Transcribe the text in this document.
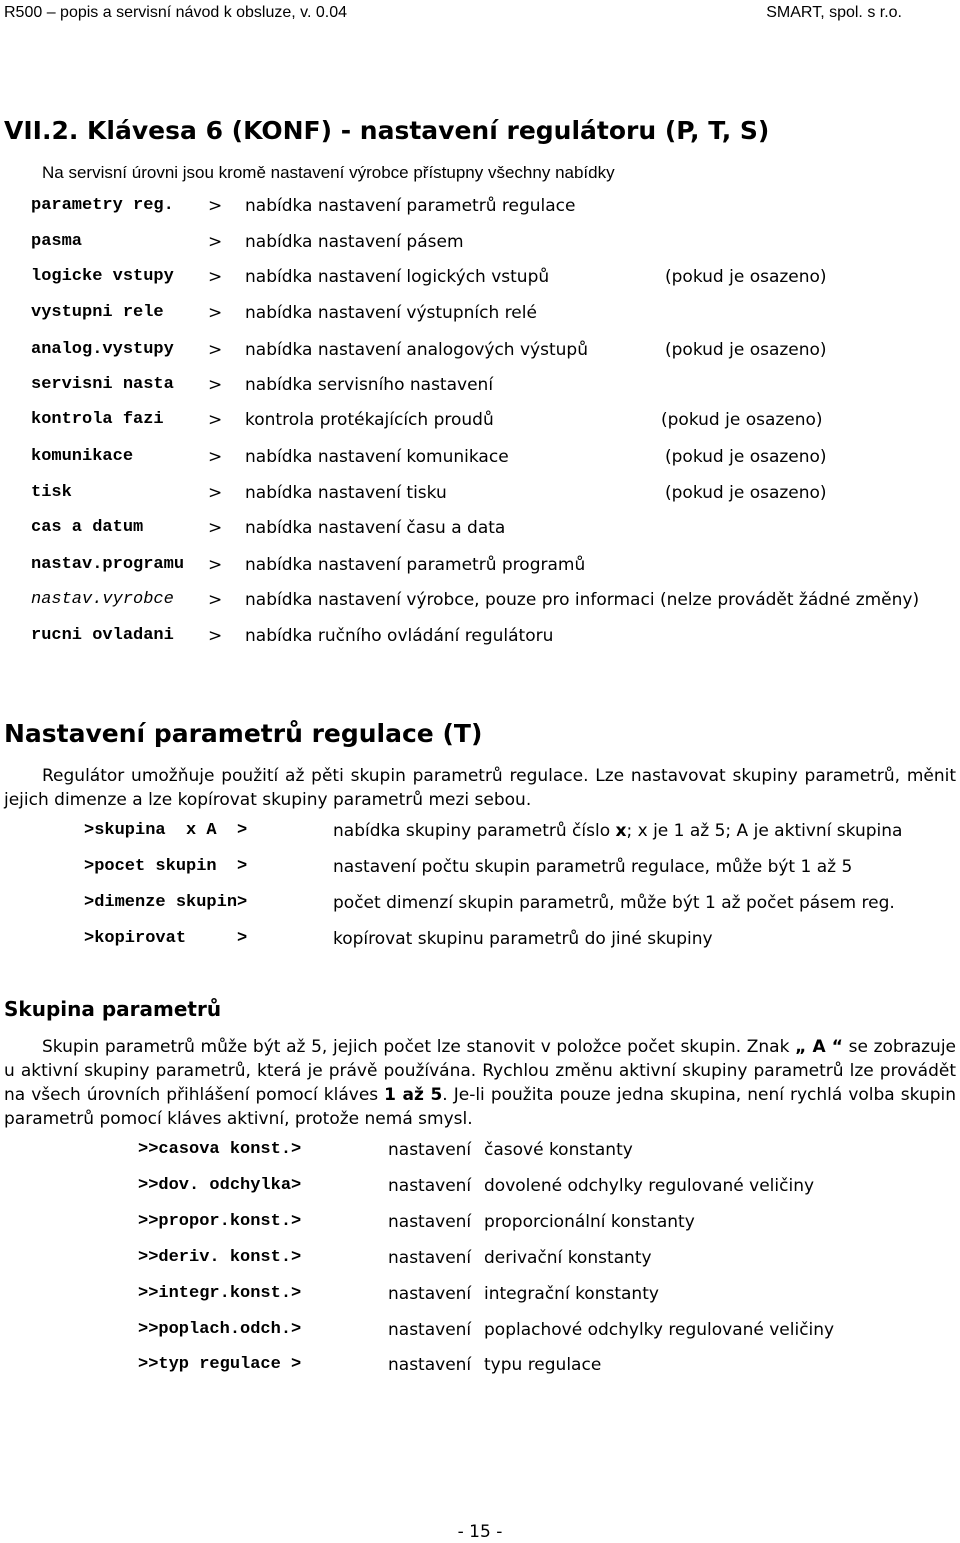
R500 – popis a servisní návod k obsluze, v. 0.04	SMART, spol. s r.o.
VII.2. Klávesa 6 (KONF) - nastavení regulátoru (P, T, S)
Na servisní úrovni jsou kromě nastavení výrobce přístupny všechny nabídky
parametry reg. > nabídka nastavení parametrů regulace
pasma	> nabídka nastavení pásem
logicke vstupy > nabídka nastavení logických vstupů	(pokud je osazeno)
vystupni rele	> nabídka nastavení výstupních relé
analog.vystupy > nabídka nastavení analogových výstupů	(pokud je osazeno)
servisni nasta > nabídka servisního nastavení
kontrola fazi	> kontrola protékajících proudů	(pokud je osazeno)
komunikace	> nabídka nastavení komunikace	(pokud je osazeno)
tisk	> nabídka nastavení tisku	(pokud je osazeno)
cas a datum	> nabídka nastavení času a data
nastav.programu > nabídka nastavení parametrů programů
nastav.vyrobce > nabídka nastavení výrobce, pouze pro informaci (nelze provádět žádné změny)
rucni ovladani > nabídka ručního ovládání regulátoru
Nastavení parametrů regulace (T)
Regulátor umožňuje použití až pěti skupin parametrů regulace. Lze nastavovat skupiny parametrů, měnit jejich dimenze a lze kopírovat skupiny parametrů mezi sebou.
>skupina  x A  >	nabídka skupiny parametrů číslo x; x je 1 až 5; A je aktivní skupina
>pocet skupin  >	nastavení počtu skupin parametrů regulace, může být 1 až 5
>dimenze skupin>	počet dimenzí skupin parametrů, může být 1 až počet pásem reg.
>kopirovat     >	kopírovat skupinu parametrů do jiné skupiny
Skupina parametrů
Skupin parametrů může být až 5, jejich počet lze stanovit v položce počet skupin. Znak „ A “ se zobrazuje u aktivní skupiny parametrů, která je právě používána. Rychlou změnu aktivní skupiny parametrů lze provádět na všech úrovních přihlášení pomocí kláves 1 až 5. Je-li použita pouze jedna skupina, není rychlá volba skupin parametrů pomocí kláves aktivní, protože nemá smysl.
>>casova konst.>	nastavení časové konstanty
>>dov. odchylka>	nastavení dovolené odchylky regulované veličiny
>>propor.konst.>	nastavení proporcionální konstanty
>>deriv. konst.>	nastavení derivační konstanty
>>integr.konst.>	nastavení integrační konstanty
>>poplach.odch.>	nastavení poplachové odchylky regulované veličiny
>>typ regulace >	nastavení typu regulace
- 15 -
